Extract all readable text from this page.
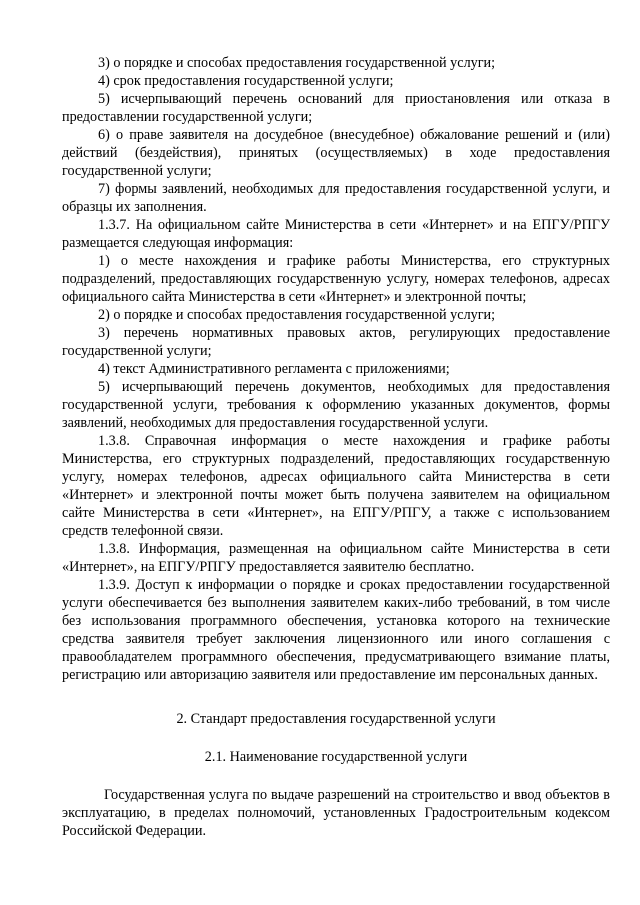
3) о порядке и способах предоставления государственной услуги;

4) срок предоставления государственной услуги;

5) исчерпывающий перечень оснований для приостановления или отказа в предоставлении государственной услуги;

6) о праве заявителя на досудебное (внесудебное) обжалование решений и (или) действий (бездействия), принятых (осуществляемых) в ходе предоставления государственной услуги;

7) формы заявлений, необходимых для предоставления государственной услуги, и образцы их заполнения.

1.3.7. На официальном сайте Министерства в сети «Интернет» и на ЕПГУ/РПГУ размещается следующая информация:

1) о месте нахождения и графике работы Министерства, его структурных подразделений, предоставляющих государственную услугу, номерах телефонов, адресах официального сайта Министерства в сети «Интернет» и электронной почты;

2) о порядке и способах предоставления государственной услуги;

3) перечень нормативных правовых актов, регулирующих предоставление государственной услуги;

4) текст Административного регламента с приложениями;

5) исчерпывающий перечень документов, необходимых для предоставления государственной услуги, требования к оформлению указанных документов, формы заявлений, необходимых для предоставления государственной услуги.

1.3.8. Справочная информация о месте нахождения и графике работы Министерства, его структурных подразделений, предоставляющих государственную услугу, номерах телефонов, адресах официального сайта Министерства в сети «Интернет» и электронной почты может быть получена заявителем на официальном сайте Министерства в сети «Интернет», на ЕПГУ/РПГУ, а также с использованием средств телефонной связи.

1.3.8. Информация, размещенная на официальном сайте Министерства в сети «Интернет», на ЕПГУ/РПГУ предоставляется заявителю бесплатно.

1.3.9. Доступ к информации о порядке и сроках предоставлении государственной услуги обеспечивается без выполнения заявителем каких-либо требований, в том числе без использования программного обеспечения, установка которого на технические средства заявителя требует заключения лицензионного или иного соглашения с правообладателем программного обеспечения, предусматривающего взимание платы, регистрацию или авторизацию заявителя или предоставление им персональных данных.

2. Стандарт предоставления государственной услуги

2.1. Наименование государственной услуги

Государственная услуга по выдаче разрешений на строительство и ввод объектов в эксплуатацию, в пределах полномочий, установленных Градостроительным кодексом Российской Федерации.
